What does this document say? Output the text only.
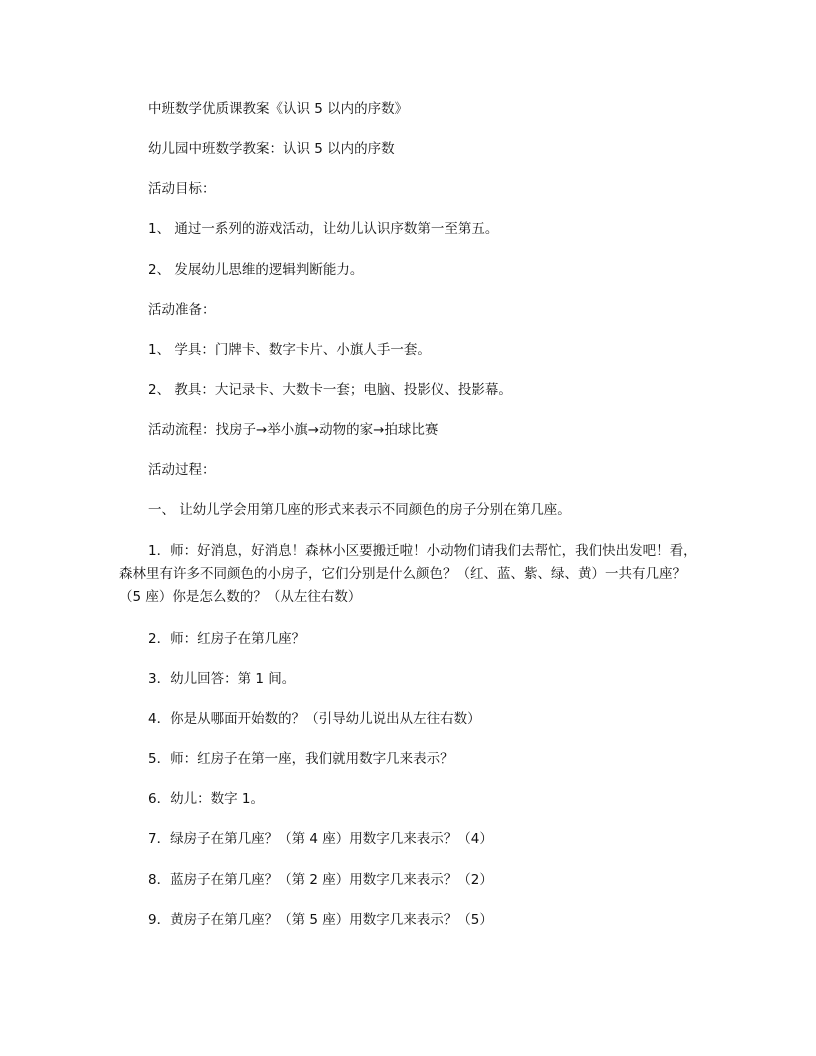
中班数学优质课教案《认识 5 以内的序数》

幼儿园中班数学教案：认识 5 以内的序数

活动目标：

1、 通过一系列的游戏活动，让幼儿认识序数第一至第五。

2、 发展幼儿思维的逻辑判断能力。

活动准备：

1、 学具：门牌卡、数字卡片、小旗人手一套。

2、 教具：大记录卡、大数卡一套；电脑、投影仪、投影幕。

活动流程：找房子→举小旗→动物的家→拍球比赛

活动过程：

一、 让幼儿学会用第几座的形式来表示不同颜色的房子分别在第几座。

1．师：好消息，好消息！森林小区要搬迁啦！小动物们请我们去帮忙，我们快出发吧！看，森林里有许多不同颜色的小房子，它们分别是什么颜色？（红、蓝、紫、绿、黄）一共有几座？（5 座）你是怎么数的？（从左往右数）

2．师：红房子在第几座？

3．幼儿回答：第 1 间。

4．你是从哪面开始数的？（引导幼儿说出从左往右数）

5．师：红房子在第一座，我们就用数字几来表示？

6．幼儿：数字 1。

7．绿房子在第几座？（第 4 座）用数字几来表示？（4）

8．蓝房子在第几座？（第 2 座）用数字几来表示？（2）

9．黄房子在第几座？（第 5 座）用数字几来表示？（5）
